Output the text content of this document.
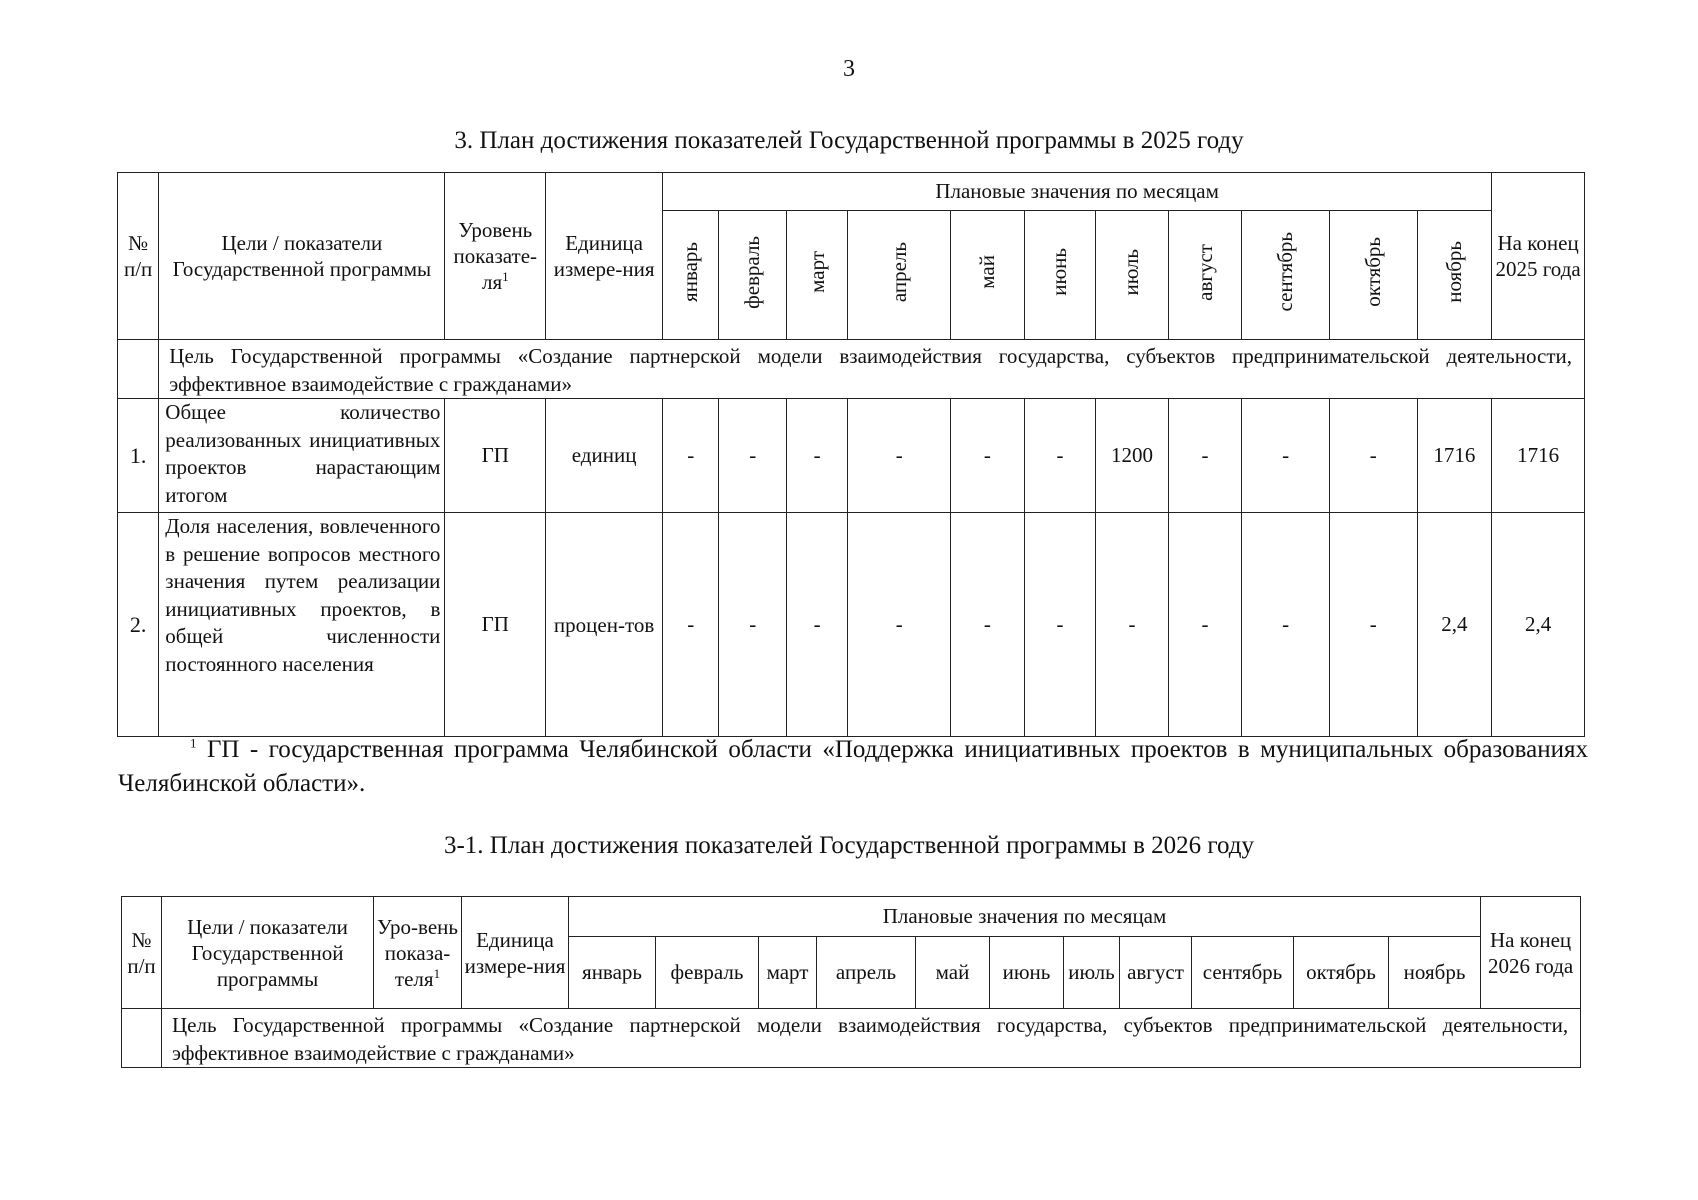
3
3. План достижения показателей Государственной программы в 2025 году
№ п/п	Цели / показатели Государственной программы	Уровень показате-$ля^1$	Единица измере-ния	Плановые значения по месяцам											На конец 2025 года
				январь	февраль	март	апрель	май	июнь	июль	август	сентябрь	октябрь	ноябрь	
	Цель Государственной программы «Создание партнерской модели взаимодействия государства, субъектов предпринимательской деятельности, эффективное взаимодействие с гражданами»														
1.	Общее количество реализованных инициативных проектов нарастающим итогом	ГП	единиц	-	-	-	-	-	-	1200	-	-	-	1716	1716
2.	Доля населения, вовлеченного в решение вопросов местного значения путем реализации инициативных проектов, в общей численности постоянного населения	ГП	процен-тов	-	-	-	-	-	-	-	-	-	-	2,4	2,4
$^1$ ГП - государственная программа Челябинской области «Поддержка инициативных проектов в муниципальных образованиях Челябинской области».
3-1. План достижения показателей Государственной программы в 2026 году
№ п/п	Цели / показатели Государственной программы	Уро-вень показа-теля$^1$	Единица измере-ния	Плановые значения по месяцам											На конец 2026 года
				январь	февраль	март	апрель	май	июнь	июль	август	сентябрь	октябрь	ноябрь	
	Цель Государственной программы «Создание партнерской модели взаимодействия государства, субъектов предпринимательской деятельности, эффективное взаимодействие с гражданами»														
